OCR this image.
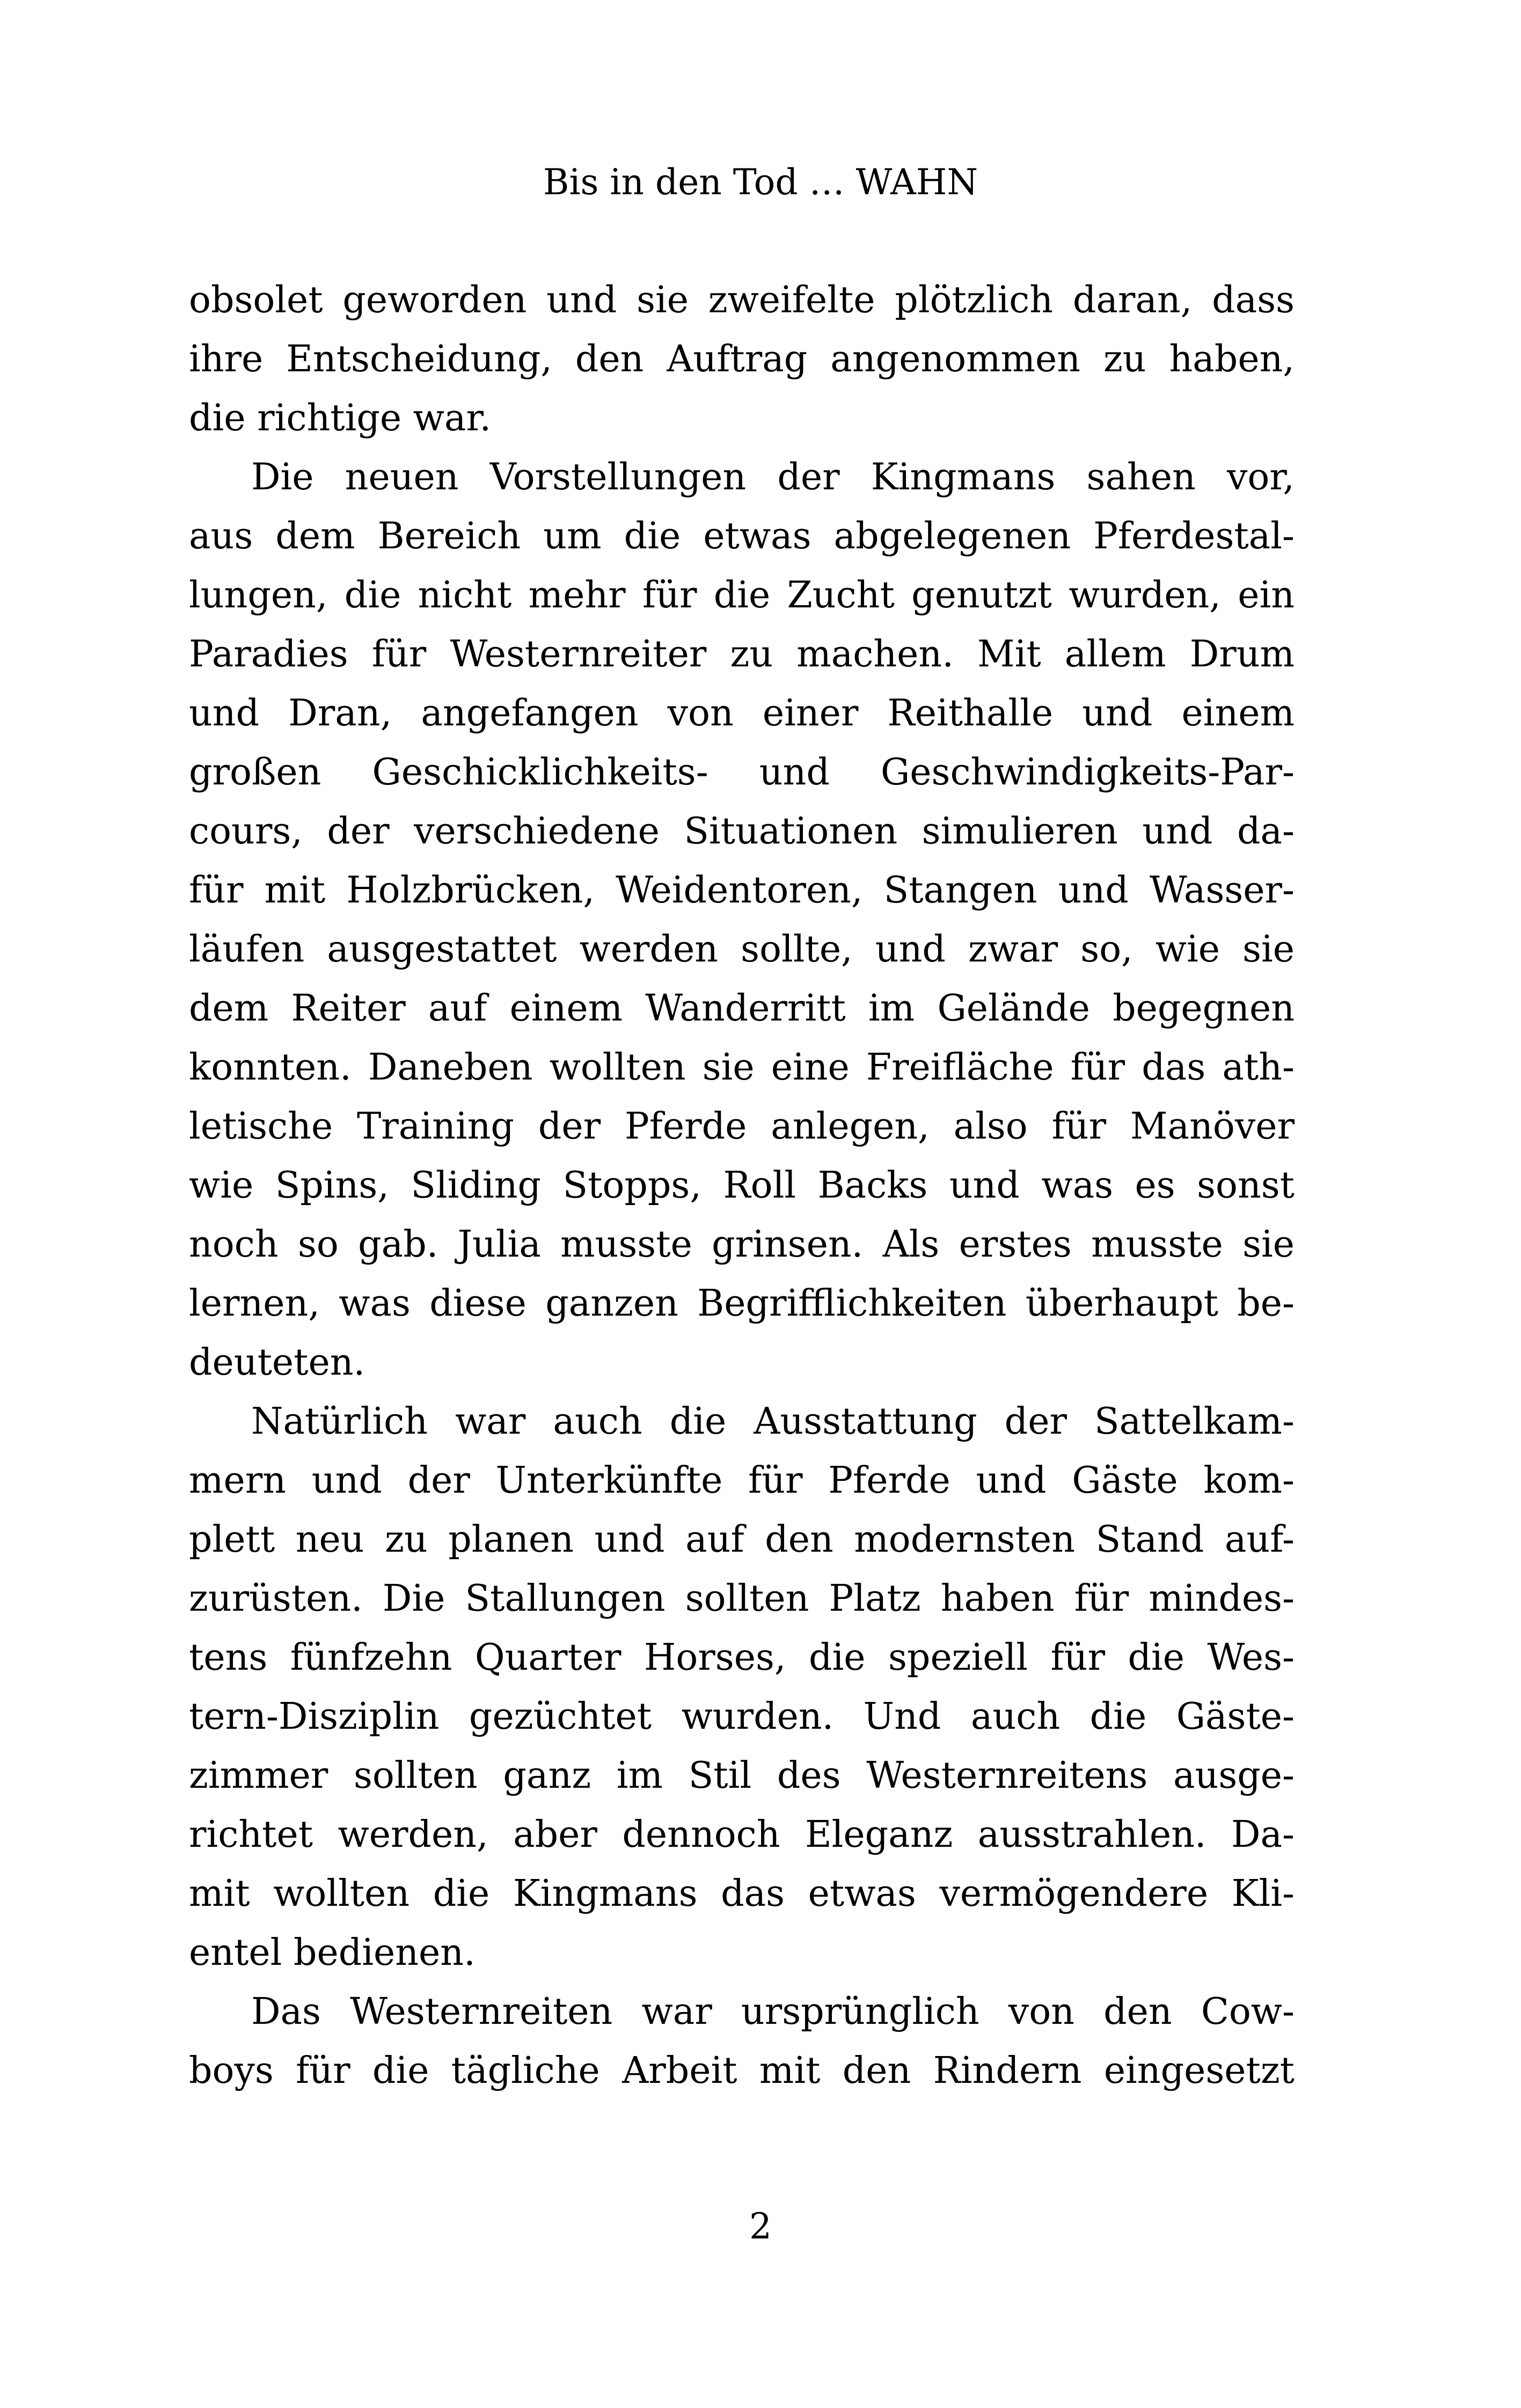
Bis in den Tod … WAHN
obsolet geworden und sie zweifelte plötzlich daran, dass
ihre Entscheidung, den Auftrag angenommen zu haben,
die richtige war.
Die neuen Vorstellungen der Kingmans sahen vor,
aus dem Bereich um die etwas abgelegenen Pferdestal-
lungen, die nicht mehr für die Zucht genutzt wurden, ein
Paradies für Westernreiter zu machen. Mit allem Drum
und Dran, angefangen von einer Reithalle und einem
großen Geschicklichkeits- und Geschwindigkeits-Par-
cours, der verschiedene Situationen simulieren und da-
für mit Holzbrücken, Weidentoren, Stangen und Wasser-
läufen ausgestattet werden sollte, und zwar so, wie sie
dem Reiter auf einem Wanderritt im Gelände begegnen
konnten. Daneben wollten sie eine Freifläche für das ath-
letische Training der Pferde anlegen, also für Manöver
wie Spins, Sliding Stopps, Roll Backs und was es sonst
noch so gab. Julia musste grinsen. Als erstes musste sie
lernen, was diese ganzen Begrifflichkeiten überhaupt be-
deuteten.
Natürlich war auch die Ausstattung der Sattelkam-
mern und der Unterkünfte für Pferde und Gäste kom-
plett neu zu planen und auf den modernsten Stand auf-
zurüsten. Die Stallungen sollten Platz haben für mindes-
tens fünfzehn Quarter Horses, die speziell für die Wes-
tern-Disziplin gezüchtet wurden. Und auch die Gäste-
zimmer sollten ganz im Stil des Westernreitens ausge-
richtet werden, aber dennoch Eleganz ausstrahlen. Da-
mit wollten die Kingmans das etwas vermögendere Kli-
entel bedienen.
Das Westernreiten war ursprünglich von den Cow-
boys für die tägliche Arbeit mit den Rindern eingesetzt
2
